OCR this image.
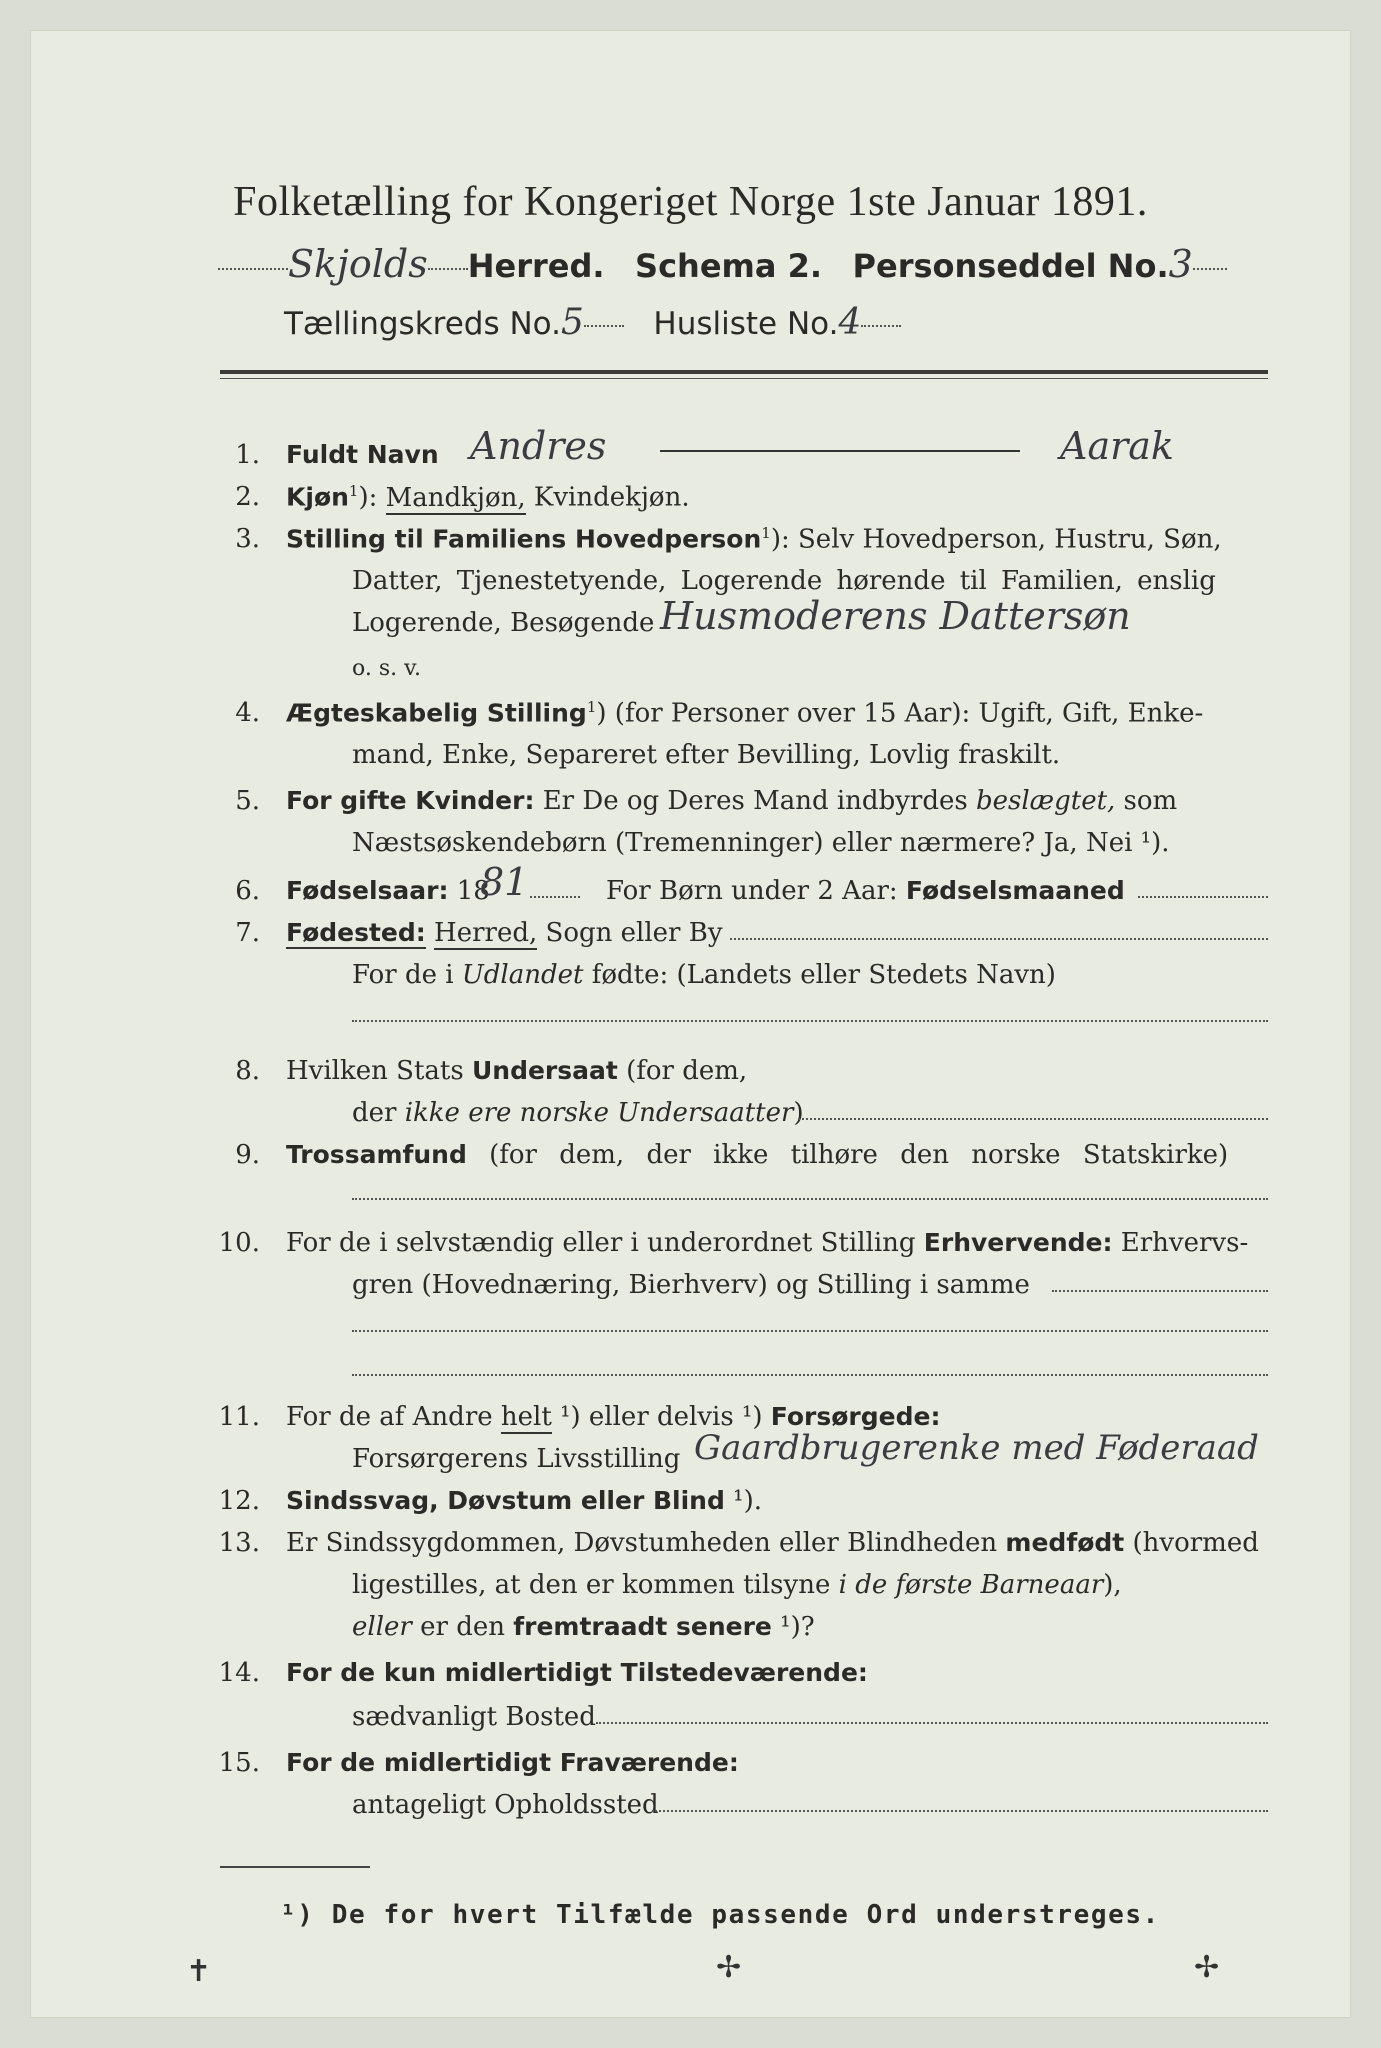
Folketælling for Kongeriget Norge 1ste Januar 1891.
Skjolds Herred. Schema 2. Personseddel No.3
Tællingskreds No.5 Husliste No.4
1. Fuldt Navn Andres	Aarak
2. Kjøn$^1$): Mandkjøn, Kvindekjøn.
3. Stilling til Familiens Hovedperson$^1$): Selv Hovedperson, Hustru, Søn,
Datter, Tjenestetyende, Logerende hørende til Familien, enslig
Logerende, Besøgende Husmoderens Dattersøn
o. s. v.
4. Ægteskabelig Stilling$^1$) (for Personer over 15 Aar): Ugift, Gift, Enke-
mand, Enke, Separeret efter Bevilling, Lovlig fraskilt.
5. For gifte Kvinder: Er De og Deres Mand indbyrdes beslægtet, som
Næstsøskendebørn (Tremenninger) eller nærmere? Ja, Nei ¹).
6. Fødselsaar: 18
81	For Børn under 2 Aar: Fødselsmaaned
7. Fødested: Herred, Sogn eller By
For de i Udlandet fødte: (Landets eller Stedets Navn)
8. Hvilken Stats Undersaat (for dem,
der ikke ere norske Undersaatter)
9. Trossamfund (for dem, der ikke tilhøre den norske Statskirke)
10. For de i selvstændig eller i underordnet Stilling Erhvervende: Erhvervs-
gren (Hovednæring, Bierhverv) og Stilling i samme
11. For de af Andre helt ¹) eller delvis ¹) Forsørgede:
Forsørgerens Livsstilling Gaardbrugerenke med Føderaad
12. Sindssvag, Døvstum eller Blind ¹).
13. Er Sindssygdommen, Døvstumheden eller Blindheden medfødt (hvormed
ligestilles, at den er kommen tilsyne i de første Barneaar),
eller er den fremtraadt senere ¹)?
14. For de kun midlertidigt Tilstedeværende:
sædvanligt Bosted
15. For de midlertidigt Fraværende:
antageligt Opholdssted
¹) De for hvert Tilfælde passende Ord understreges.
✝	✢	✢
